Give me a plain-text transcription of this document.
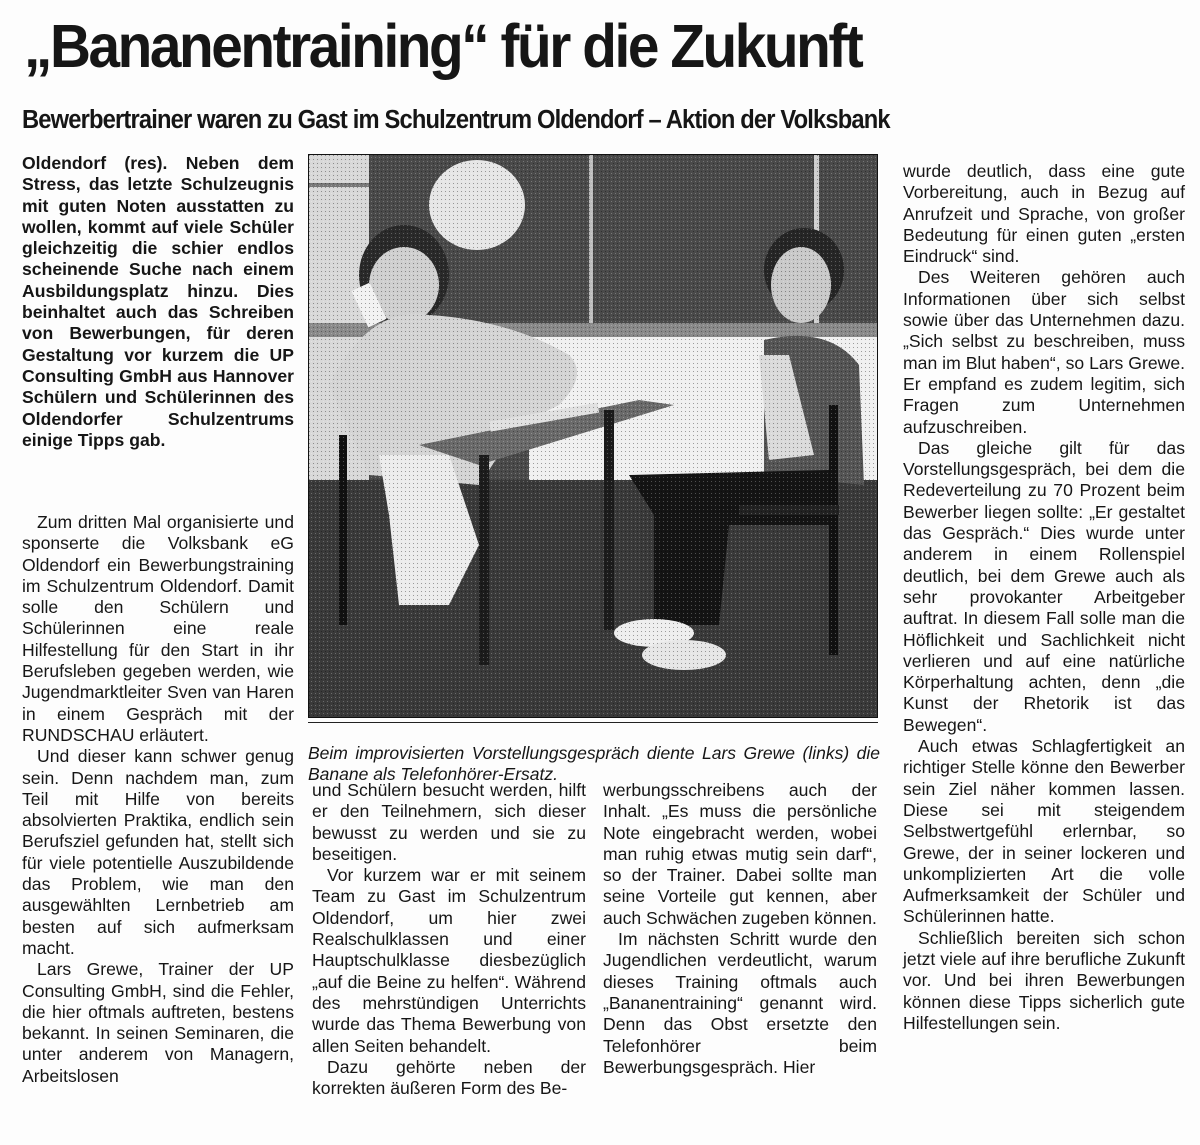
„Bananentraining“ für die Zukunft
Bewerbertrainer waren zu Gast im Schulzentrum Oldendorf – Aktion der Volksbank

Oldendorf (res). Neben dem Stress, das letzte Schulzeugnis mit guten Noten ausstatten zu wollen, kommt auf viele Schüler gleichzeitig die schier endlos scheinende Suche nach einem Ausbildungsplatz hinzu. Dies beinhaltet auch das Schreiben von Bewerbungen, für deren Gestaltung vor kurzem die UP Consulting GmbH aus Hannover Schülern und Schülerinnen des Oldendorfer Schulzentrums einige Tipps gab.

Zum dritten Mal organisierte und sponserte die Volksbank eG Oldendorf ein Bewerbungstraining im Schulzentrum Oldendorf. Damit solle den Schülern und Schülerinnen eine reale Hilfestellung für den Start in ihr Berufsleben gegeben werden, wie Jugendmarktleiter Sven van Haren in einem Gespräch mit der RUNDSCHAU erläutert.

Und dieser kann schwer genug sein. Denn nachdem man, zum Teil mit Hilfe von bereits absolvierten Praktika, endlich sein Berufsziel gefunden hat, stellt sich für viele potentielle Auszubildende das Problem, wie man den ausgewählten Lernbetrieb am besten auf sich aufmerksam macht.

Lars Grewe, Trainer der UP Consulting GmbH, sind die Fehler, die hier oftmals auftreten, bestens bekannt. In seinen Seminaren, die unter anderem von Managern, Arbeitslosen

Beim improvisierten Vorstellungsgespräch diente Lars Grewe (links) die Banane als Telefonhörer-Ersatz.

und Schülern besucht werden, hilft er den Teilnehmern, sich dieser bewusst zu werden und sie zu beseitigen.

Vor kurzem war er mit seinem Team zu Gast im Schulzentrum Oldendorf, um hier zwei Realschulklassen und einer Hauptschulklasse diesbezüglich „auf die Beine zu helfen“. Während des mehrstündigen Unterrichts wurde das Thema Bewerbung von allen Seiten behandelt.

Dazu gehörte neben der korrekten äußeren Form des Be-

werbungsschreibens auch der Inhalt. „Es muss die persönliche Note eingebracht werden, wobei man ruhig etwas mutig sein darf“, so der Trainer. Dabei sollte man seine Vorteile gut kennen, aber auch Schwächen zugeben können.

Im nächsten Schritt wurde den Jugendlichen verdeutlicht, warum dieses Training oftmals auch „Bananentraining“ genannt wird. Denn das Obst ersetzte den Telefonhörer beim Bewerbungsgespräch. Hier

wurde deutlich, dass eine gute Vorbereitung, auch in Bezug auf Anrufzeit und Sprache, von großer Bedeutung für einen guten „ersten Eindruck“ sind.

Des Weiteren gehören auch Informationen über sich selbst sowie über das Unternehmen dazu. „Sich selbst zu beschreiben, muss man im Blut haben“, so Lars Grewe. Er empfand es zudem legitim, sich Fragen zum Unternehmen aufzuschreiben.

Das gleiche gilt für das Vorstellungsgespräch, bei dem die Redeverteilung zu 70 Prozent beim Bewerber liegen sollte: „Er gestaltet das Gespräch.“ Dies wurde unter anderem in einem Rollenspiel deutlich, bei dem Grewe auch als sehr provokanter Arbeitgeber auftrat. In diesem Fall solle man die Höflichkeit und Sachlichkeit nicht verlieren und auf eine natürliche Körperhaltung achten, denn „die Kunst der Rhetorik ist das Bewegen“.

Auch etwas Schlagfertigkeit an richtiger Stelle könne den Bewerber sein Ziel näher kommen lassen. Diese sei mit steigendem Selbstwertgefühl erlernbar, so Grewe, der in seiner lockeren und unkomplizierten Art die volle Aufmerksamkeit der Schüler und Schülerinnen hatte.

Schließlich bereiten sich schon jetzt viele auf ihre berufliche Zukunft vor. Und bei ihren Bewerbungen können diese Tipps sicherlich gute Hilfestellungen sein.
